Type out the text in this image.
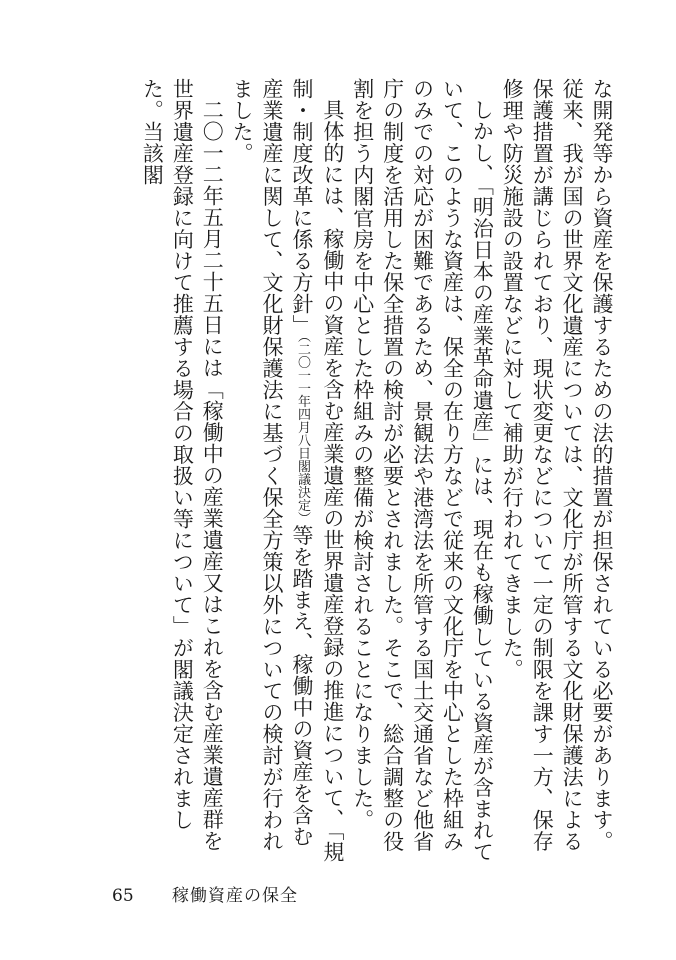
な開発等から資産を保護するための法的措置が担保されている必要があります。従来、我が国の世界文化遺産については、文化庁が所管する文化財保護法による保護措置が講じられており、現状変更などについて一定の制限を課す一方、保存修理や防災施設の設置などに対して補助が行われてきました。

しかし、「明治日本の産業革命遺産」には、現在も稼働している資産が含まれていて、このような資産は、保全の在り方などで従来の文化庁を中心とした枠組みのみでの対応が困難であるため、景観法や港湾法を所管する国土交通省など他省庁の制度を活用した保全措置の検討が必要とされました。そこで、総合調整の役割を担う内閣官房を中心とした枠組みの整備が検討されることになりました。

具体的には、稼働中の資産を含む産業遺産の世界遺産登録の推進について、「規制・制度改革に係る方針」（二〇一一年四月八日閣議決定）等を踏まえ、稼働中の資産を含む産業遺産に関して、文化財保護法に基づく保全方策以外についての検討が行われました。

二〇一二年五月二十五日には「稼働中の産業遺産又はこれを含む産業遺産群を世界遺産登録に向けて推薦する場合の取扱い等について」が閣議決定されました。当該閣

65 稼働資産の保全
